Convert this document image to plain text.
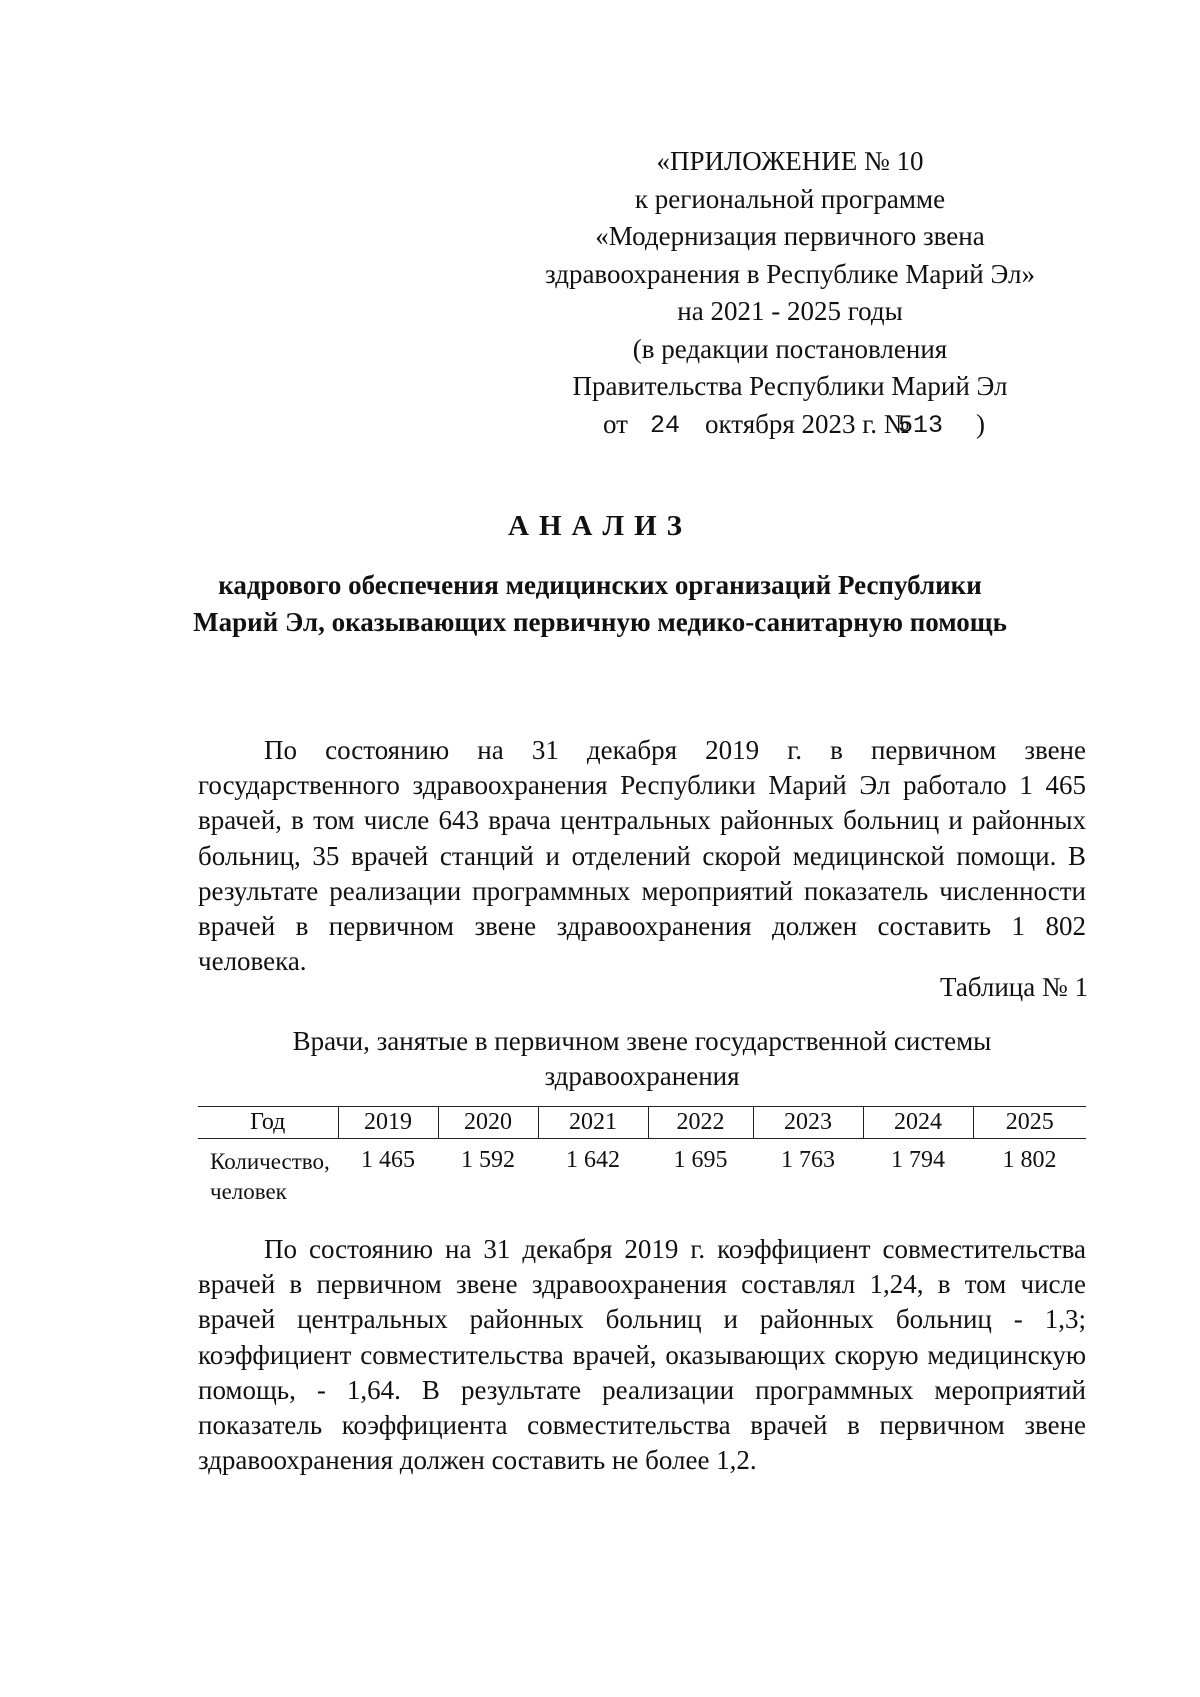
«ПРИЛОЖЕНИЕ № 10
к региональной программе
«Модернизация первичного звена
здравоохранения в Республике Марий Эл»
на 2021 - 2025 годы
(в редакции постановления
Правительства Республики Марий Эл
от 24 октября 2023 г. №
513 )
АНАЛИЗ
кадрового обеспечения медицинских организаций Республики
Марий Эл, оказывающих первичную медико-санитарную помощь
По состоянию на 31 декабря 2019 г. в первичном звене государственного здравоохранения Республики Марий Эл работало 1 465 врачей, в том числе 643 врача центральных районных больниц и районных больниц, 35 врачей станций и отделений скорой медицинской помощи. В результате реализации программных мероприятий показатель численности врачей в первичном звене здравоохранения должен составить 1 802 человека.
Таблица № 1
Врачи, занятые в первичном звене государственной системы здравоохранения
Год	2019	2020	2021	2022	2023	2024	2025
Количество,
человек	1 465	1 592	1 642	1 695	1 763	1 794	1 802
По состоянию на 31 декабря 2019 г. коэффициент совместительства врачей в первичном звене здравоохранения составлял 1,24, в том числе врачей центральных районных больниц и районных больниц - 1,3; коэффициент совместительства врачей, оказывающих скорую медицинскую помощь, - 1,64. В результате реализации программных мероприятий показатель коэффициента совместительства врачей в первичном звене здравоохранения должен составить не более 1,2.
